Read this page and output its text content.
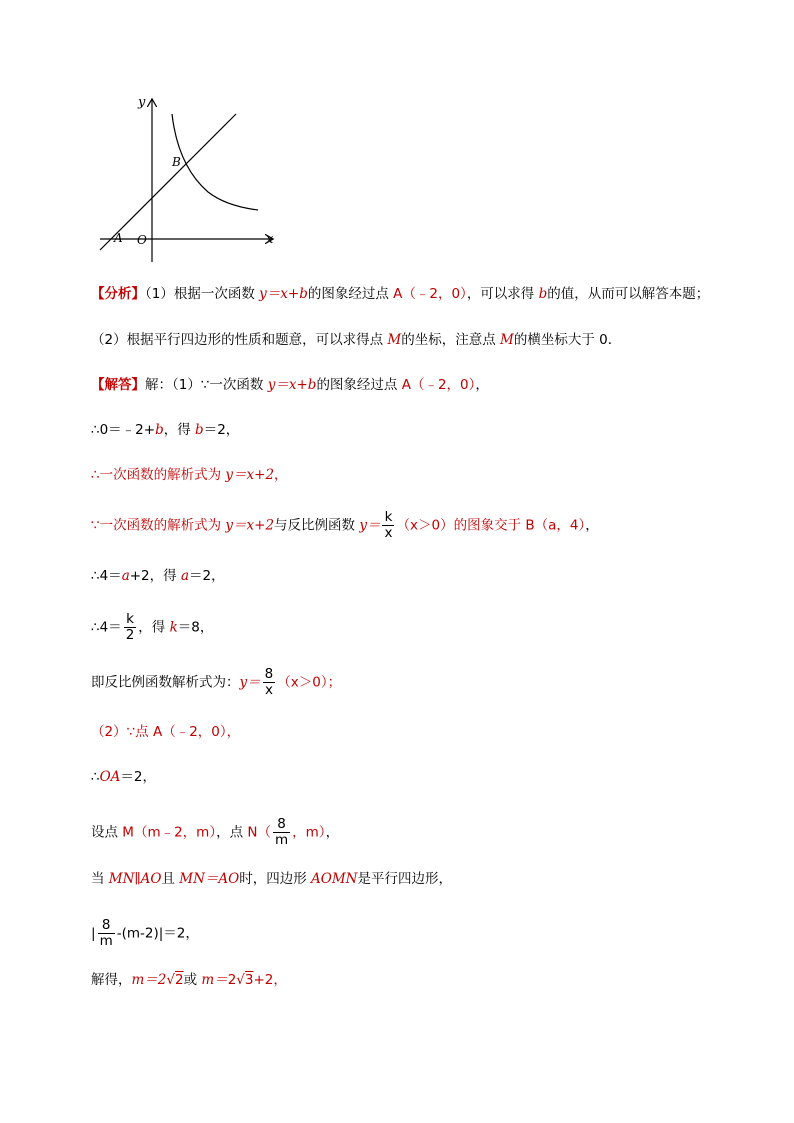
y
x
O
A
B
【分析】（1）根据一次函数 y＝x+b的图象经过点 A（﹣2，0），可以求得 b的值，从而可以解答本题；
（2）根据平行四边形的性质和题意，可以求得点 M的坐标，注意点 M的横坐标大于 0．
【解答】解：（1）∵一次函数 y＝x+b的图象经过点 A（﹣2，0），
∴0＝﹣2+b，得 b＝2，
∴一次函数的解析式为 y＝x+2，
∵一次函数的解析式为 y＝x+2与反比例函数 $y= \frac{k}{x} (x>0)$的图象交于 B（a，4），
∴4＝a+2，得 a＝2，
∴4＝ $\frac{k}{2}$ ，得 k＝8，
即反比例函数解析式为：$y= \frac{8}{x} (x>0)$；
（2）∵点 A（﹣2，0），
∴OA＝2，
设点 M（m﹣2，m），点 $N( \frac{8}{m}$ ，m），
当 MN∥AO且 MN＝AO时，四边形 AOMN是平行四边形，
| $\frac{8}{m} -(m-2)|=2$，
解得，m＝2√2或 m＝2√3+2，
